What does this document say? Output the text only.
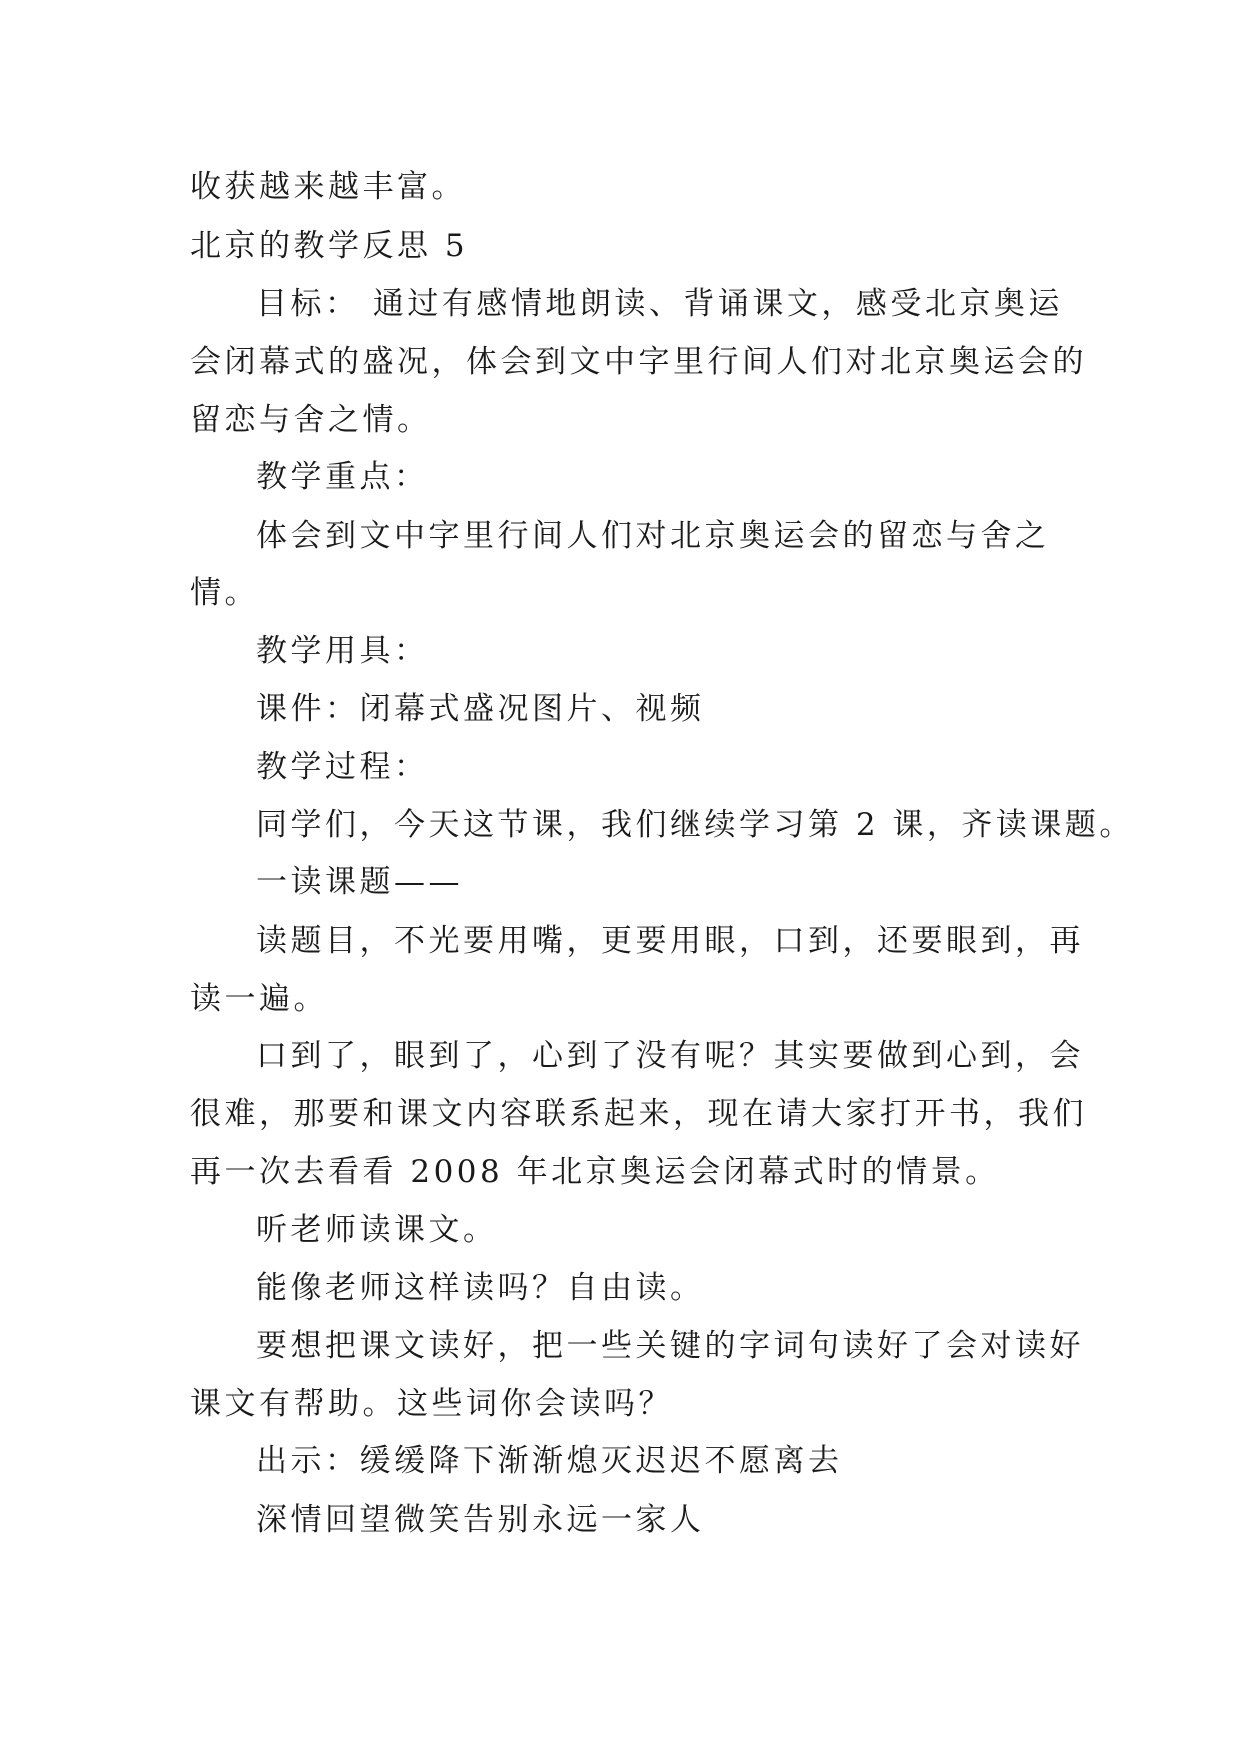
收获越来越丰富。
北京的教学反思 5
目标： 通过有感情地朗读、背诵课文，感受北京奥运
会闭幕式的盛况，体会到文中字里行间人们对北京奥运会的
留恋与舍之情。
教学重点：
体会到文中字里行间人们对北京奥运会的留恋与舍之
情。
教学用具：
课件：闭幕式盛况图片、视频
教学过程：
同学们，今天这节课，我们继续学习第 2 课，齐读课题。
一读课题——
读题目，不光要用嘴，更要用眼，口到，还要眼到，再
读一遍。
口到了，眼到了，心到了没有呢？其实要做到心到，会
很难，那要和课文内容联系起来，现在请大家打开书，我们
再一次去看看 2008 年北京奥运会闭幕式时的情景。
听老师读课文。
能像老师这样读吗？自由读。
要想把课文读好，把一些关键的字词句读好了会对读好
课文有帮助。这些词你会读吗？
出示：缓缓降下渐渐熄灭迟迟不愿离去
深情回望微笑告别永远一家人
